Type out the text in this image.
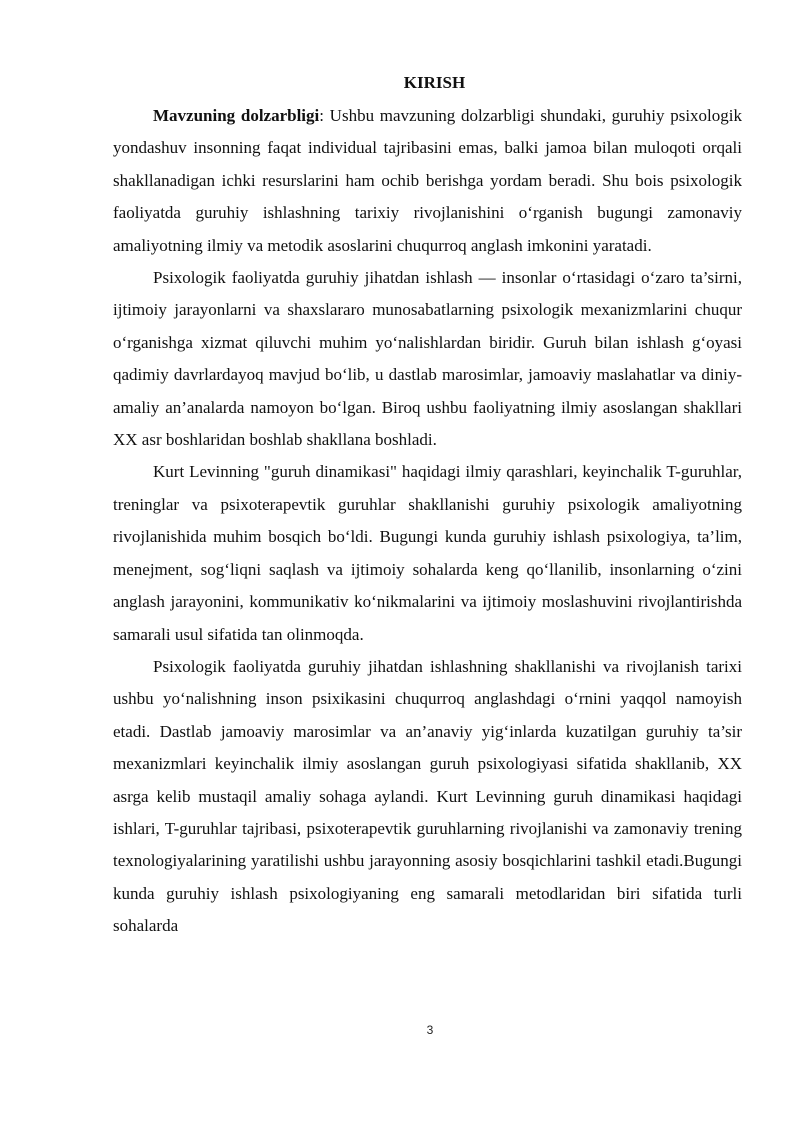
KIRISH

Mavzuning dolzarbligi: Ushbu mavzuning dolzarbligi shundaki, guruhiy psixologik yondashuv insonning faqat individual tajribasini emas, balki jamoa bilan muloqoti orqali shakllanadigan ichki resurslarini ham ochib berishga yordam beradi. Shu bois psixologik faoliyatda guruhiy ishlashning tarixiy rivojlanishini o‘rganish bugungi zamonaviy amaliyotning ilmiy va metodik asoslarini chuqurroq anglash imkonini yaratadi.

Psixologik faoliyatda guruhiy jihatdan ishlash — insonlar o‘rtasidagi o‘zaro ta’sirni, ijtimoiy jarayonlarni va shaxslararo munosabatlarning psixologik mexanizmlarini chuqur o‘rganishga xizmat qiluvchi muhim yo‘nalishlardan biridir. Guruh bilan ishlash g‘oyasi qadimiy davrlardayoq mavjud bo‘lib, u dastlab marosimlar, jamoaviy maslahatlar va diniy-amaliy an’analarda namoyon bo‘lgan. Biroq ushbu faoliyatning ilmiy asoslangan shakllari XX asr boshlaridan boshlab shakllana boshladi.

Kurt Levinning "guruh dinamikasi" haqidagi ilmiy qarashlari, keyinchalik T-guruhlar, treninglar va psixoterapevtik guruhlar shakllanishi guruhiy psixologik amaliyotning rivojlanishida muhim bosqich bo‘ldi. Bugungi kunda guruhiy ishlash psixologiya, ta’lim, menejment, sog‘liqni saqlash va ijtimoiy sohalarda keng qo‘llanilib, insonlarning o‘zini anglash jarayonini, kommunikativ ko‘nikmalarini va ijtimoiy moslashuvini rivojlantirishda samarali usul sifatida tan olinmoqda.

Psixologik faoliyatda guruhiy jihatdan ishlashning shakllanishi va rivojlanish tarixi ushbu yo‘nalishning inson psixikasini chuqurroq anglashdagi o‘rnini yaqqol namoyish etadi. Dastlab jamoaviy marosimlar va an’anaviy yig‘inlarda kuzatilgan guruhiy ta’sir mexanizmlari keyinchalik ilmiy asoslangan guruh psixologiyasi sifatida shakllanib, XX asrga kelib mustaqil amaliy sohaga aylandi. Kurt Levinning guruh dinamikasi haqidagi ishlari, T-guruhlar tajribasi, psixoterapevtik guruhlarning rivojlanishi va zamonaviy trening texnologiyalarining yaratilishi ushbu jarayonning asosiy bosqichlarini tashkil etadi.Bugungi kunda guruhiy ishlash psixologiyaning eng samarali metodlaridan biri sifatida turli sohalarda

3
